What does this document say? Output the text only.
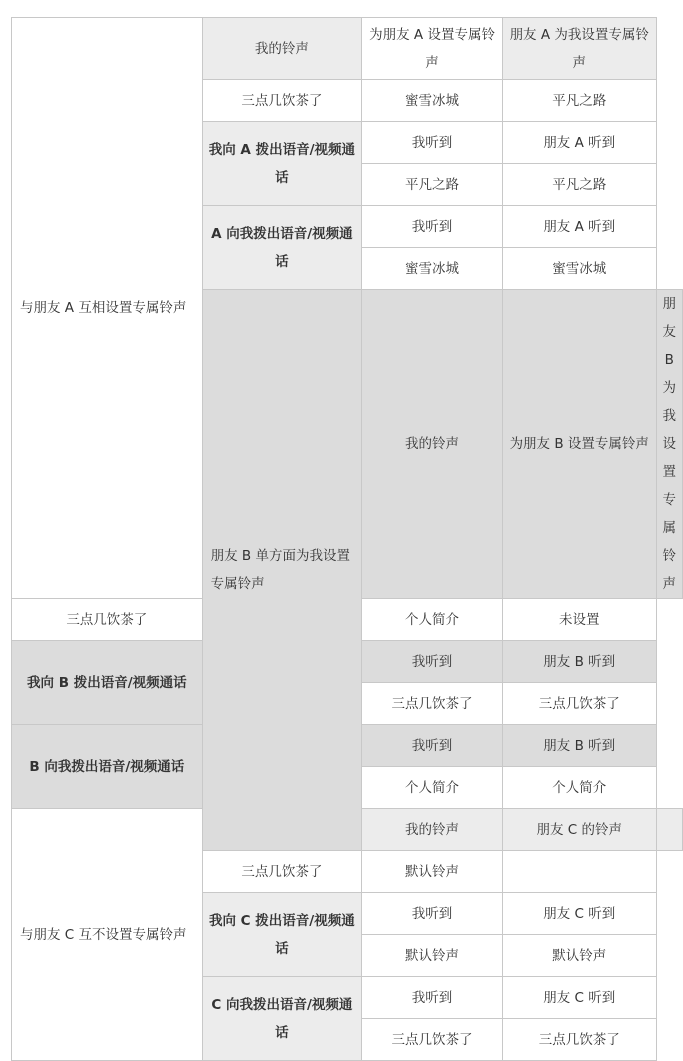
与朋友 A 互相设置专属铃声	我的铃声	为朋友 A 设置专属铃声	朋友 A 为我设置专属铃声	
	三点几饮茶了	蜜雪冰城	平凡之路	
	我向 A 拨出语音/视频通话	我听到	朋友 A 听到	
		平凡之路	平凡之路	
	A 向我拨出语音/视频通话	我听到	朋友 A 听到	
		蜜雪冰城	蜜雪冰城	
	朋友 B 单方面为我设置专属铃声	我的铃声	为朋友 B 设置专属铃声	朋友 B 为我设置专属铃声
三点几饮茶了		个人简介	未设置	
我向 B 拨出语音/视频通话		我听到	朋友 B 听到	
		三点几饮茶了	三点几饮茶了	
B 向我拨出语音/视频通话		我听到	朋友 B 听到	
		个人简介	个人简介	
与朋友 C 互不设置专属铃声		我的铃声	朋友 C 的铃声	
	三点几饮茶了	默认铃声		
	我向 C 拨出语音/视频通话	我听到	朋友 C 听到	
		默认铃声	默认铃声	
	C 向我拨出语音/视频通话	我听到	朋友 C 听到	
		三点几饮茶了	三点几饮茶了	
